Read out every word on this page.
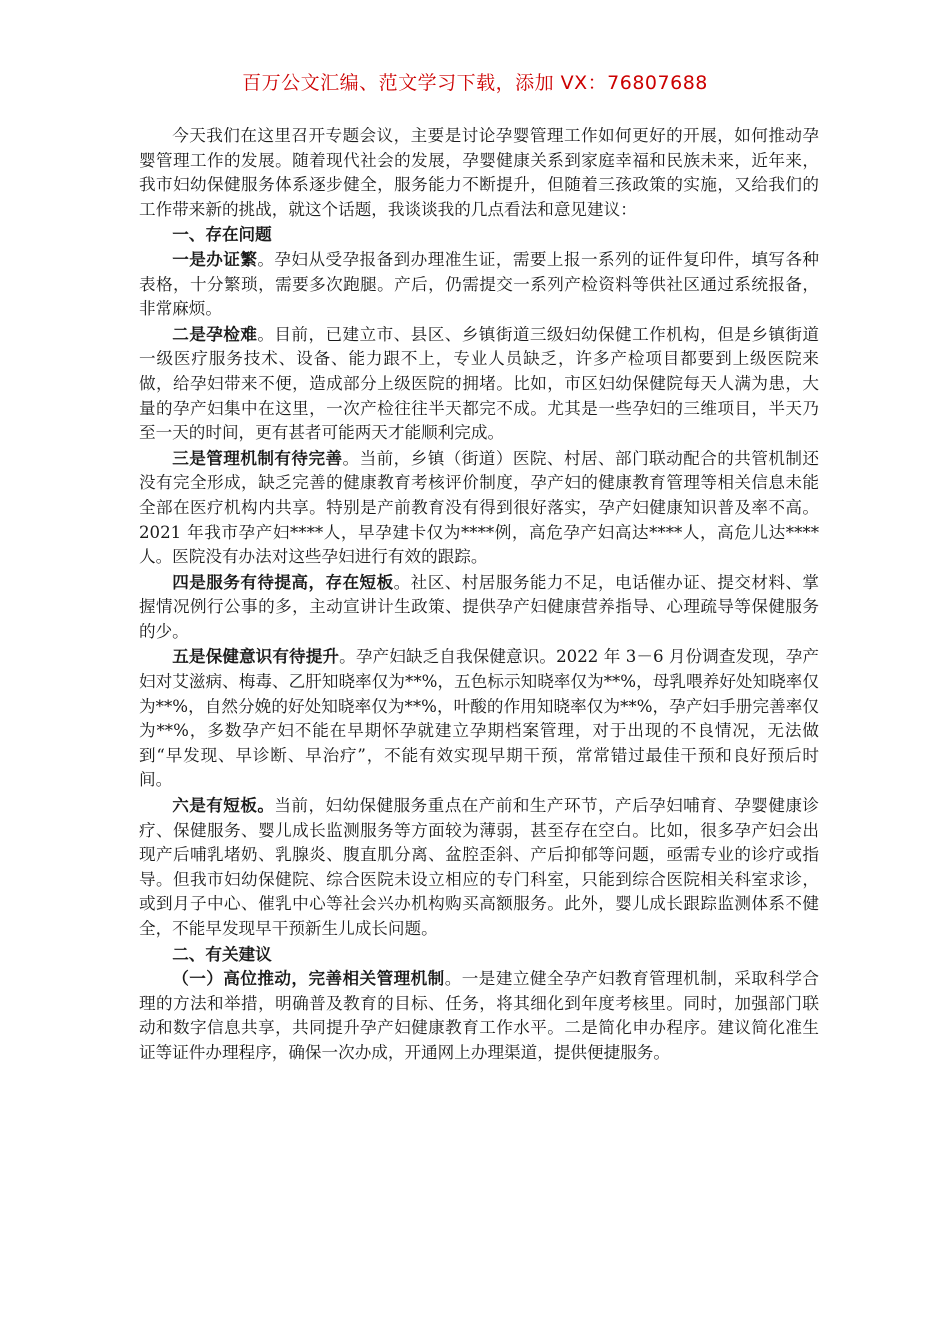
百万公文汇编、范文学习下载，添加 VX：76807688

今天我们在这里召开专题会议，主要是讨论孕婴管理工作如何更好的开展，如何推动孕婴管理工作的发展。随着现代社会的发展，孕婴健康关系到家庭幸福和民族未来，近年来，我市妇幼保健服务体系逐步健全，服务能力不断提升，但随着三孩政策的实施，又给我们的工作带来新的挑战，就这个话题，我谈谈我的几点看法和意见建议：

一、存在问题

一是办证繁。孕妇从受孕报备到办理准生证，需要上报一系列的证件复印件，填写各种表格，十分繁琐，需要多次跑腿。产后，仍需提交一系列产检资料等供社区通过系统报备，非常麻烦。

二是孕检难。目前，已建立市、县区、乡镇街道三级妇幼保健工作机构，但是乡镇街道一级医疗服务技术、设备、能力跟不上，专业人员缺乏，许多产检项目都要到上级医院来做，给孕妇带来不便，造成部分上级医院的拥堵。比如，市区妇幼保健院每天人满为患，大量的孕产妇集中在这里，一次产检往往半天都完不成。尤其是一些孕妇的三维项目，半天乃至一天的时间，更有甚者可能两天才能顺利完成。

三是管理机制有待完善。当前，乡镇（街道）医院、村居、部门联动配合的共管机制还没有完全形成，缺乏完善的健康教育考核评价制度，孕产妇的健康教育管理等相关信息未能全部在医疗机构内共享。特别是产前教育没有得到很好落实，孕产妇健康知识普及率不高。2021 年我市孕产妇****人，早孕建卡仅为****例，高危孕产妇高达****人，高危儿达****人。医院没有办法对这些孕妇进行有效的跟踪。

四是服务有待提高，存在短板。社区、村居服务能力不足，电话催办证、提交材料、掌握情况例行公事的多，主动宣讲计生政策、提供孕产妇健康营养指导、心理疏导等保健服务的少。

五是保健意识有待提升。孕产妇缺乏自我保健意识。2022 年 3－6 月份调查发现，孕产妇对艾滋病、梅毒、乙肝知晓率仅为**%，五色标示知晓率仅为**%，母乳喂养好处知晓率仅为**%，自然分娩的好处知晓率仅为**%，叶酸的作用知晓率仅为**%，孕产妇手册完善率仅为**%，多数孕产妇不能在早期怀孕就建立孕期档案管理，对于出现的不良情况，无法做到“早发现、早诊断、早治疗”，不能有效实现早期干预，常常错过最佳干预和良好预后时间。

六是有短板。当前，妇幼保健服务重点在产前和生产环节，产后孕妇哺育、孕婴健康诊疗、保健服务、婴儿成长监测服务等方面较为薄弱，甚至存在空白。比如，很多孕产妇会出现产后哺乳堵奶、乳腺炎、腹直肌分离、盆腔歪斜、产后抑郁等问题，亟需专业的诊疗或指导。但我市妇幼保健院、综合医院未设立相应的专门科室，只能到综合医院相关科室求诊，或到月子中心、催乳中心等社会兴办机构购买高额服务。此外，婴儿成长跟踪监测体系不健全，不能早发现早干预新生儿成长问题。

二、有关建议

（一）高位推动，完善相关管理机制。一是建立健全孕产妇教育管理机制，采取科学合理的方法和举措，明确普及教育的目标、任务，将其细化到年度考核里。同时，加强部门联动和数字信息共享，共同提升孕产妇健康教育工作水平。二是简化申办程序。建议简化准生证等证件办理程序，确保一次办成，开通网上办理渠道，提供便捷服务。
